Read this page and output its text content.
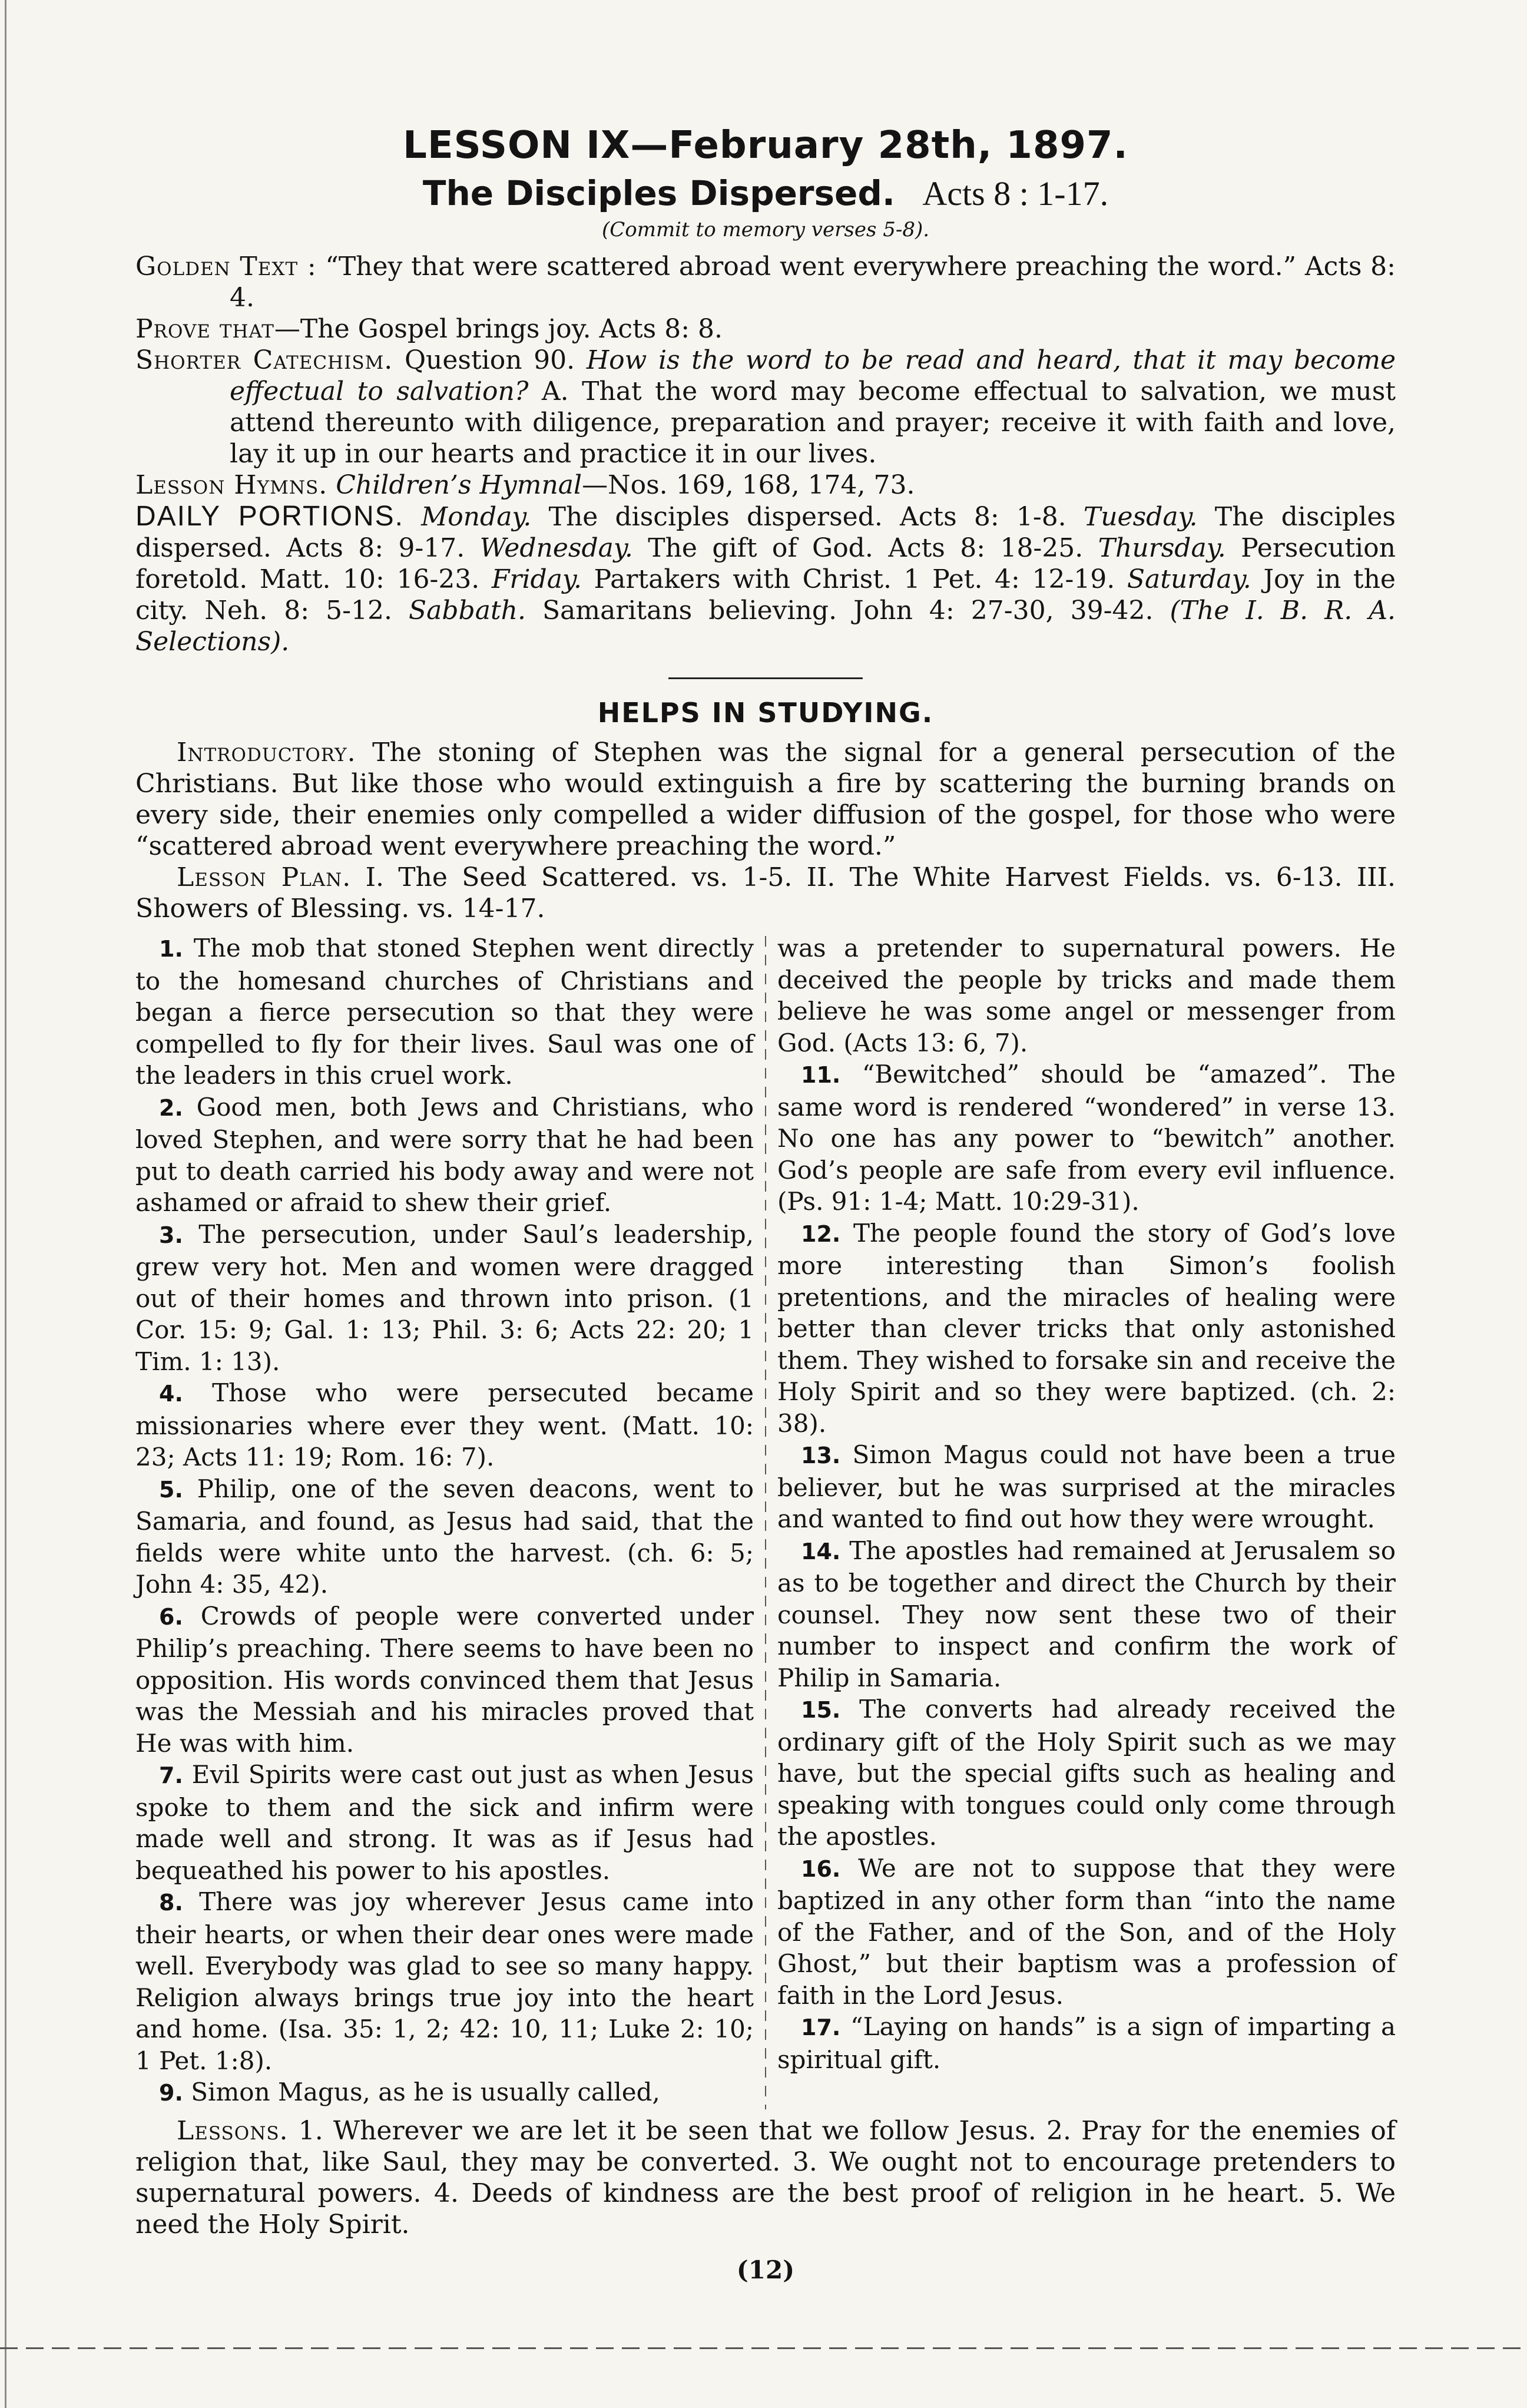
LESSON IX—February 28th, 1897.
The Disciples Dispersed. Acts 8 : 1-17.
(Commit to memory verses 5-8).

Golden Text : “They that were scattered abroad went everywhere preaching the word.” Acts 8: 4.

Prove that—The Gospel brings joy. Acts 8: 8.

Shorter Catechism. Question 90. How is the word to be read and heard, that it may become effectual to salvation? A. That the word may become effectual to salvation, we must attend thereunto with diligence, preparation and prayer; receive it with faith and love, lay it up in our hearts and practice it in our lives.

Lesson Hymns. Children’s Hymnal—Nos. 169, 168, 174, 73.

DAILY PORTIONS. Monday. The disciples dispersed. Acts 8: 1-8. Tuesday. The disciples dispersed. Acts 8: 9-17. Wednesday. The gift of God. Acts 8: 18-25. Thursday. Persecution foretold. Matt. 10: 16-23. Friday. Partakers with Christ. 1 Pet. 4: 12-19. Saturday. Joy in the city. Neh. 8: 5-12. Sabbath. Samaritans believing. John 4: 27-30, 39-42. (The I. B. R. A. Selections).

HELPS IN STUDYING.

Introductory. The stoning of Stephen was the signal for a general persecution of the Christians. But like those who would extinguish a fire by scattering the burning brands on every side, their enemies only compelled a wider diffusion of the gospel, for those who were “scattered abroad went everywhere preaching the word.”

Lesson Plan. I. The Seed Scattered. vs. 1-5. II. The White Harvest Fields. vs. 6-13. III. Showers of Blessing. vs. 14-17.

1. The mob that stoned Stephen went directly to the homesand churches of Christians and began a fierce persecution so that they were compelled to fly for their lives. Saul was one of the leaders in this cruel work.

2. Good men, both Jews and Christians, who loved Stephen, and were sorry that he had been put to death carried his body away and were not ashamed or afraid to shew their grief.

3. The persecution, under Saul’s leadership, grew very hot. Men and women were dragged out of their homes and thrown into prison. (1 Cor. 15: 9; Gal. 1: 13; Phil. 3: 6; Acts 22: 20; 1 Tim. 1: 13).

4. Those who were persecuted became missionaries where ever they went. (Matt. 10: 23; Acts 11: 19; Rom. 16: 7).

5. Philip, one of the seven deacons, went to Samaria, and found, as Jesus had said, that the fields were white unto the harvest. (ch. 6: 5; John 4: 35, 42).

6. Crowds of people were converted under Philip’s preaching. There seems to have been no opposition. His words convinced them that Jesus was the Messiah and his miracles proved that He was with him.

7. Evil Spirits were cast out just as when Jesus spoke to them and the sick and infirm were made well and strong. It was as if Jesus had bequeathed his power to his apostles.

8. There was joy wherever Jesus came into their hearts, or when their dear ones were made well. Everybody was glad to see so many happy. Religion always brings true joy into the heart and home. (Isa. 35: 1, 2; 42: 10, 11; Luke 2: 10; 1 Pet. 1:8).

9. Simon Magus, as he is usually called,

was a pretender to supernatural powers. He deceived the people by tricks and made them believe he was some angel or messenger from God. (Acts 13: 6, 7).

11. “Bewitched” should be “amazed”. The same word is rendered “wondered” in verse 13. No one has any power to “bewitch” another. God’s people are safe from every evil influence. (Ps. 91: 1-4; Matt. 10:29-31).

12. The people found the story of God’s love more interesting than Simon’s foolish pretentions, and the miracles of healing were better than clever tricks that only astonished them. They wished to forsake sin and receive the Holy Spirit and so they were baptized. (ch. 2: 38).

13. Simon Magus could not have been a true believer, but he was surprised at the miracles and wanted to find out how they were wrought.

14. The apostles had remained at Jerusalem so as to be together and direct the Church by their counsel. They now sent these two of their number to inspect and confirm the work of Philip in Samaria.

15. The converts had already received the ordinary gift of the Holy Spirit such as we may have, but the special gifts such as healing and speaking with tongues could only come through the apostles.

16. We are not to suppose that they were baptized in any other form than “into the name of the Father, and of the Son, and of the Holy Ghost,” but their baptism was a profession of faith in the Lord Jesus.

17. “Laying on hands” is a sign of imparting a spiritual gift.

Lessons. 1. Wherever we are let it be seen that we follow Jesus. 2. Pray for the enemies of religion that, like Saul, they may be converted. 3. We ought not to encourage pretenders to supernatural powers. 4. Deeds of kindness are the best proof of religion in he heart. 5. We need the Holy Spirit.

(12)
